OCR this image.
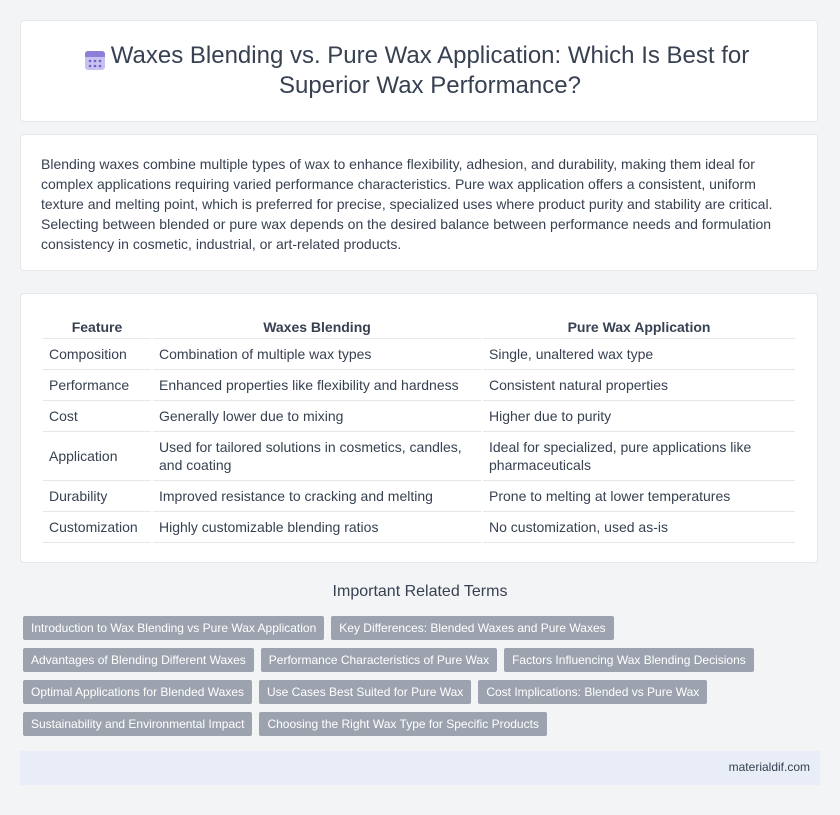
Waxes Blending vs. Pure Wax Application: Which Is Best for Superior Wax Performance?

Blending waxes combine multiple types of wax to enhance flexibility, adhesion, and durability, making them ideal for complex applications requiring varied performance characteristics. Pure wax application offers a consistent, uniform texture and melting point, which is preferred for precise, specialized uses where product purity and stability are critical. Selecting between blended or pure wax depends on the desired balance between performance needs and formulation consistency in cosmetic, industrial, or art-related products.

Feature	Waxes Blending	Pure Wax Application
Composition	Combination of multiple wax types	Single, unaltered wax type
Performance	Enhanced properties like flexibility and hardness	Consistent natural properties
Cost	Generally lower due to mixing	Higher due to purity
Application	Used for tailored solutions in cosmetics, candles, and coating	Ideal for specialized, pure applications like pharmaceuticals
Durability	Improved resistance to cracking and melting	Prone to melting at lower temperatures
Customization	Highly customizable blending ratios	No customization, used as-is
Important Related Terms
Introduction to Wax Blending vs Pure Wax Application	Key Differences: Blended Waxes and Pure Waxes
Advantages of Blending Different Waxes	Performance Characteristics of Pure Wax	Factors Influencing Wax Blending Decisions
Optimal Applications for Blended Waxes	Use Cases Best Suited for Pure Wax	Cost Implications: Blended vs Pure Wax
Sustainability and Environmental Impact	Choosing the Right Wax Type for Specific Products
materialdif.com
